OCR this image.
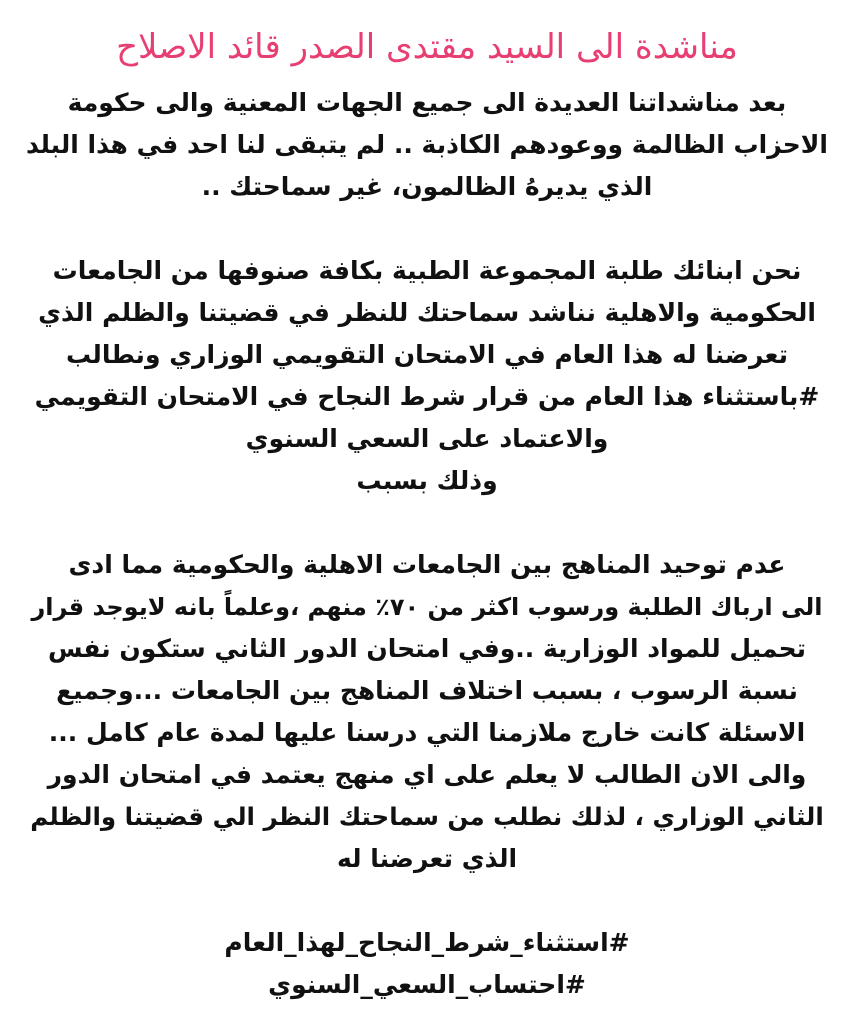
مناشدة الى السيد مقتدى الصدر قائد الاصلاح
بعد مناشداتنا العديدة الى جميع الجهات المعنية والى حكومة
الاحزاب الظالمة ووعودهم الكاذبة .. لم يتبقى لنا احد في هذا البلد
الذي يديرهُ الظالمون، غير سماحتك ..
نحن ابنائك طلبة المجموعة الطبية بكافة صنوفها من الجامعات
الحكومية والاهلية نناشد سماحتك للنظر في قضيتنا والظلم الذي
تعرضنا له هذا العام في الامتحان التقويمي الوزاري ونطالب
#باستثناء هذا العام من قرار شرط النجاح في الامتحان التقويمي
والاعتماد على السعي السنوي
وذلك بسبب
عدم توحيد المناهج بين الجامعات الاهلية والحكومية مما ادى
الى ارباك الطلبة ورسوب اكثر من ٧٠٪ منهم ،وعلماً بانه لايوجد قرار
تحميل للمواد الوزارية ..وفي امتحان الدور الثاني ستكون نفس
نسبة الرسوب ، بسبب اختلاف المناهج بين الجامعات ...وجميع
الاسئلة كانت خارج ملازمنا التي درسنا عليها لمدة عام كامل ...
والى الان الطالب لا يعلم على اي منهج يعتمد في امتحان الدور
الثاني الوزاري ، لذلك نطلب من سماحتك النظر الي قضيتنا والظلم
الذي تعرضنا له
#استثناء_شرط_النجاح_لهذا_العام
#احتساب_السعي_السنوي
